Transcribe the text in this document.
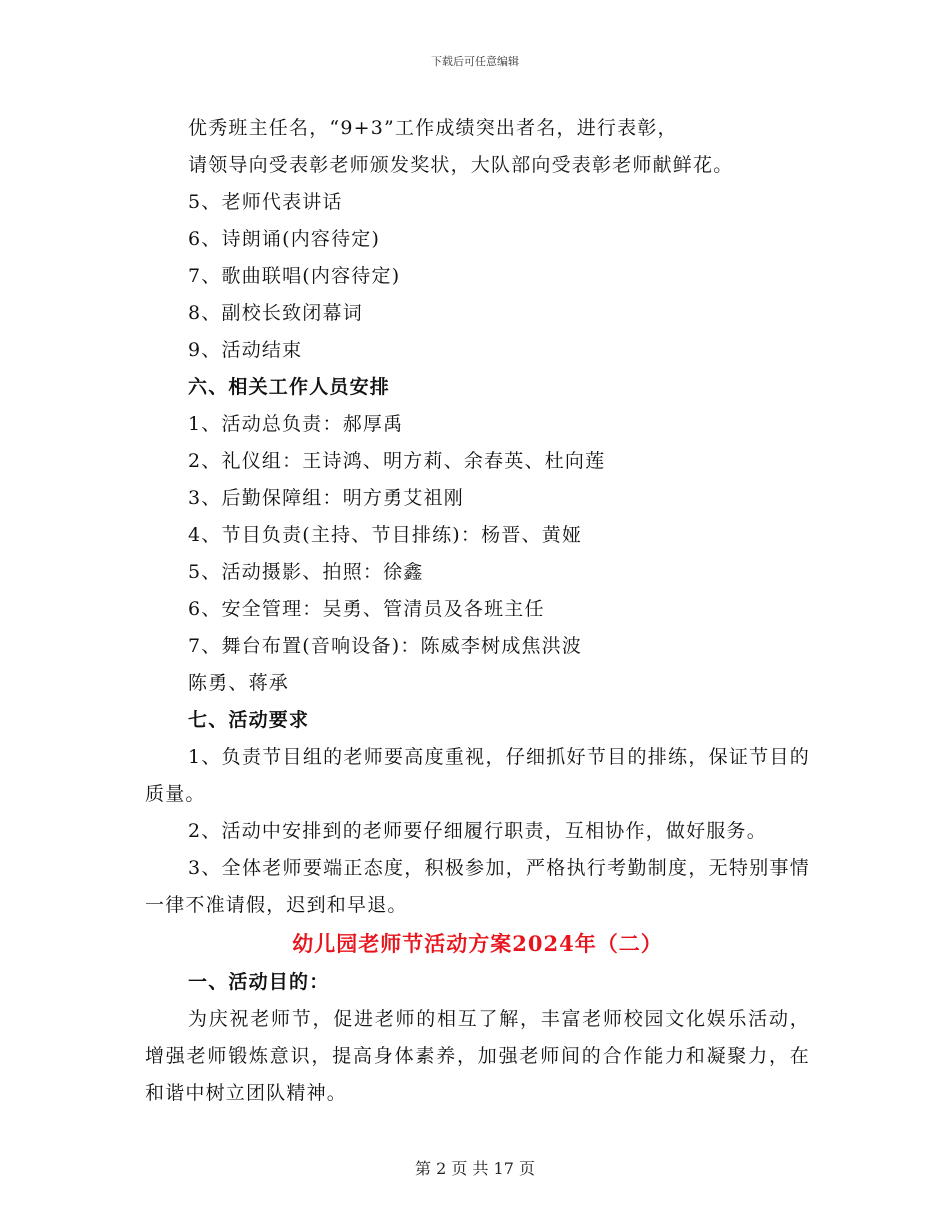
下载后可任意编辑
优秀班主任名，“9+3”工作成绩突出者名，进行表彰，
请领导向受表彰老师颁发奖状，大队部向受表彰老师献鲜花。
5、老师代表讲话
6、诗朗诵(内容待定)
7、歌曲联唱(内容待定)
8、副校长致闭幕词
9、活动结束
六、相关工作人员安排
1、活动总负责：郝厚禹
2、礼仪组：王诗鸿、明方莉、余春英、杜向莲
3、后勤保障组：明方勇艾祖刚
4、节目负责(主持、节目排练)：杨晋、黄娅
5、活动摄影、拍照：徐鑫
6、安全管理：吴勇、管清员及各班主任
7、舞台布置(音响设备)：陈威李树成焦洪波
陈勇、蒋承
七、活动要求
1、负责节目组的老师要高度重视，仔细抓好节目的排练，保证节目的质量。
2、活动中安排到的老师要仔细履行职责，互相协作，做好服务。
3、全体老师要端正态度，积极参加，严格执行考勤制度，无特别事情一律不准请假，迟到和早退。
幼儿园老师节活动方案2024年（二）
一、活动目的：
为庆祝老师节，促进老师的相互了解，丰富老师校园文化娱乐活动，增强老师锻炼意识，提高身体素养，加强老师间的合作能力和凝聚力，在和谐中树立团队精神。
第 2 页 共 17 页
